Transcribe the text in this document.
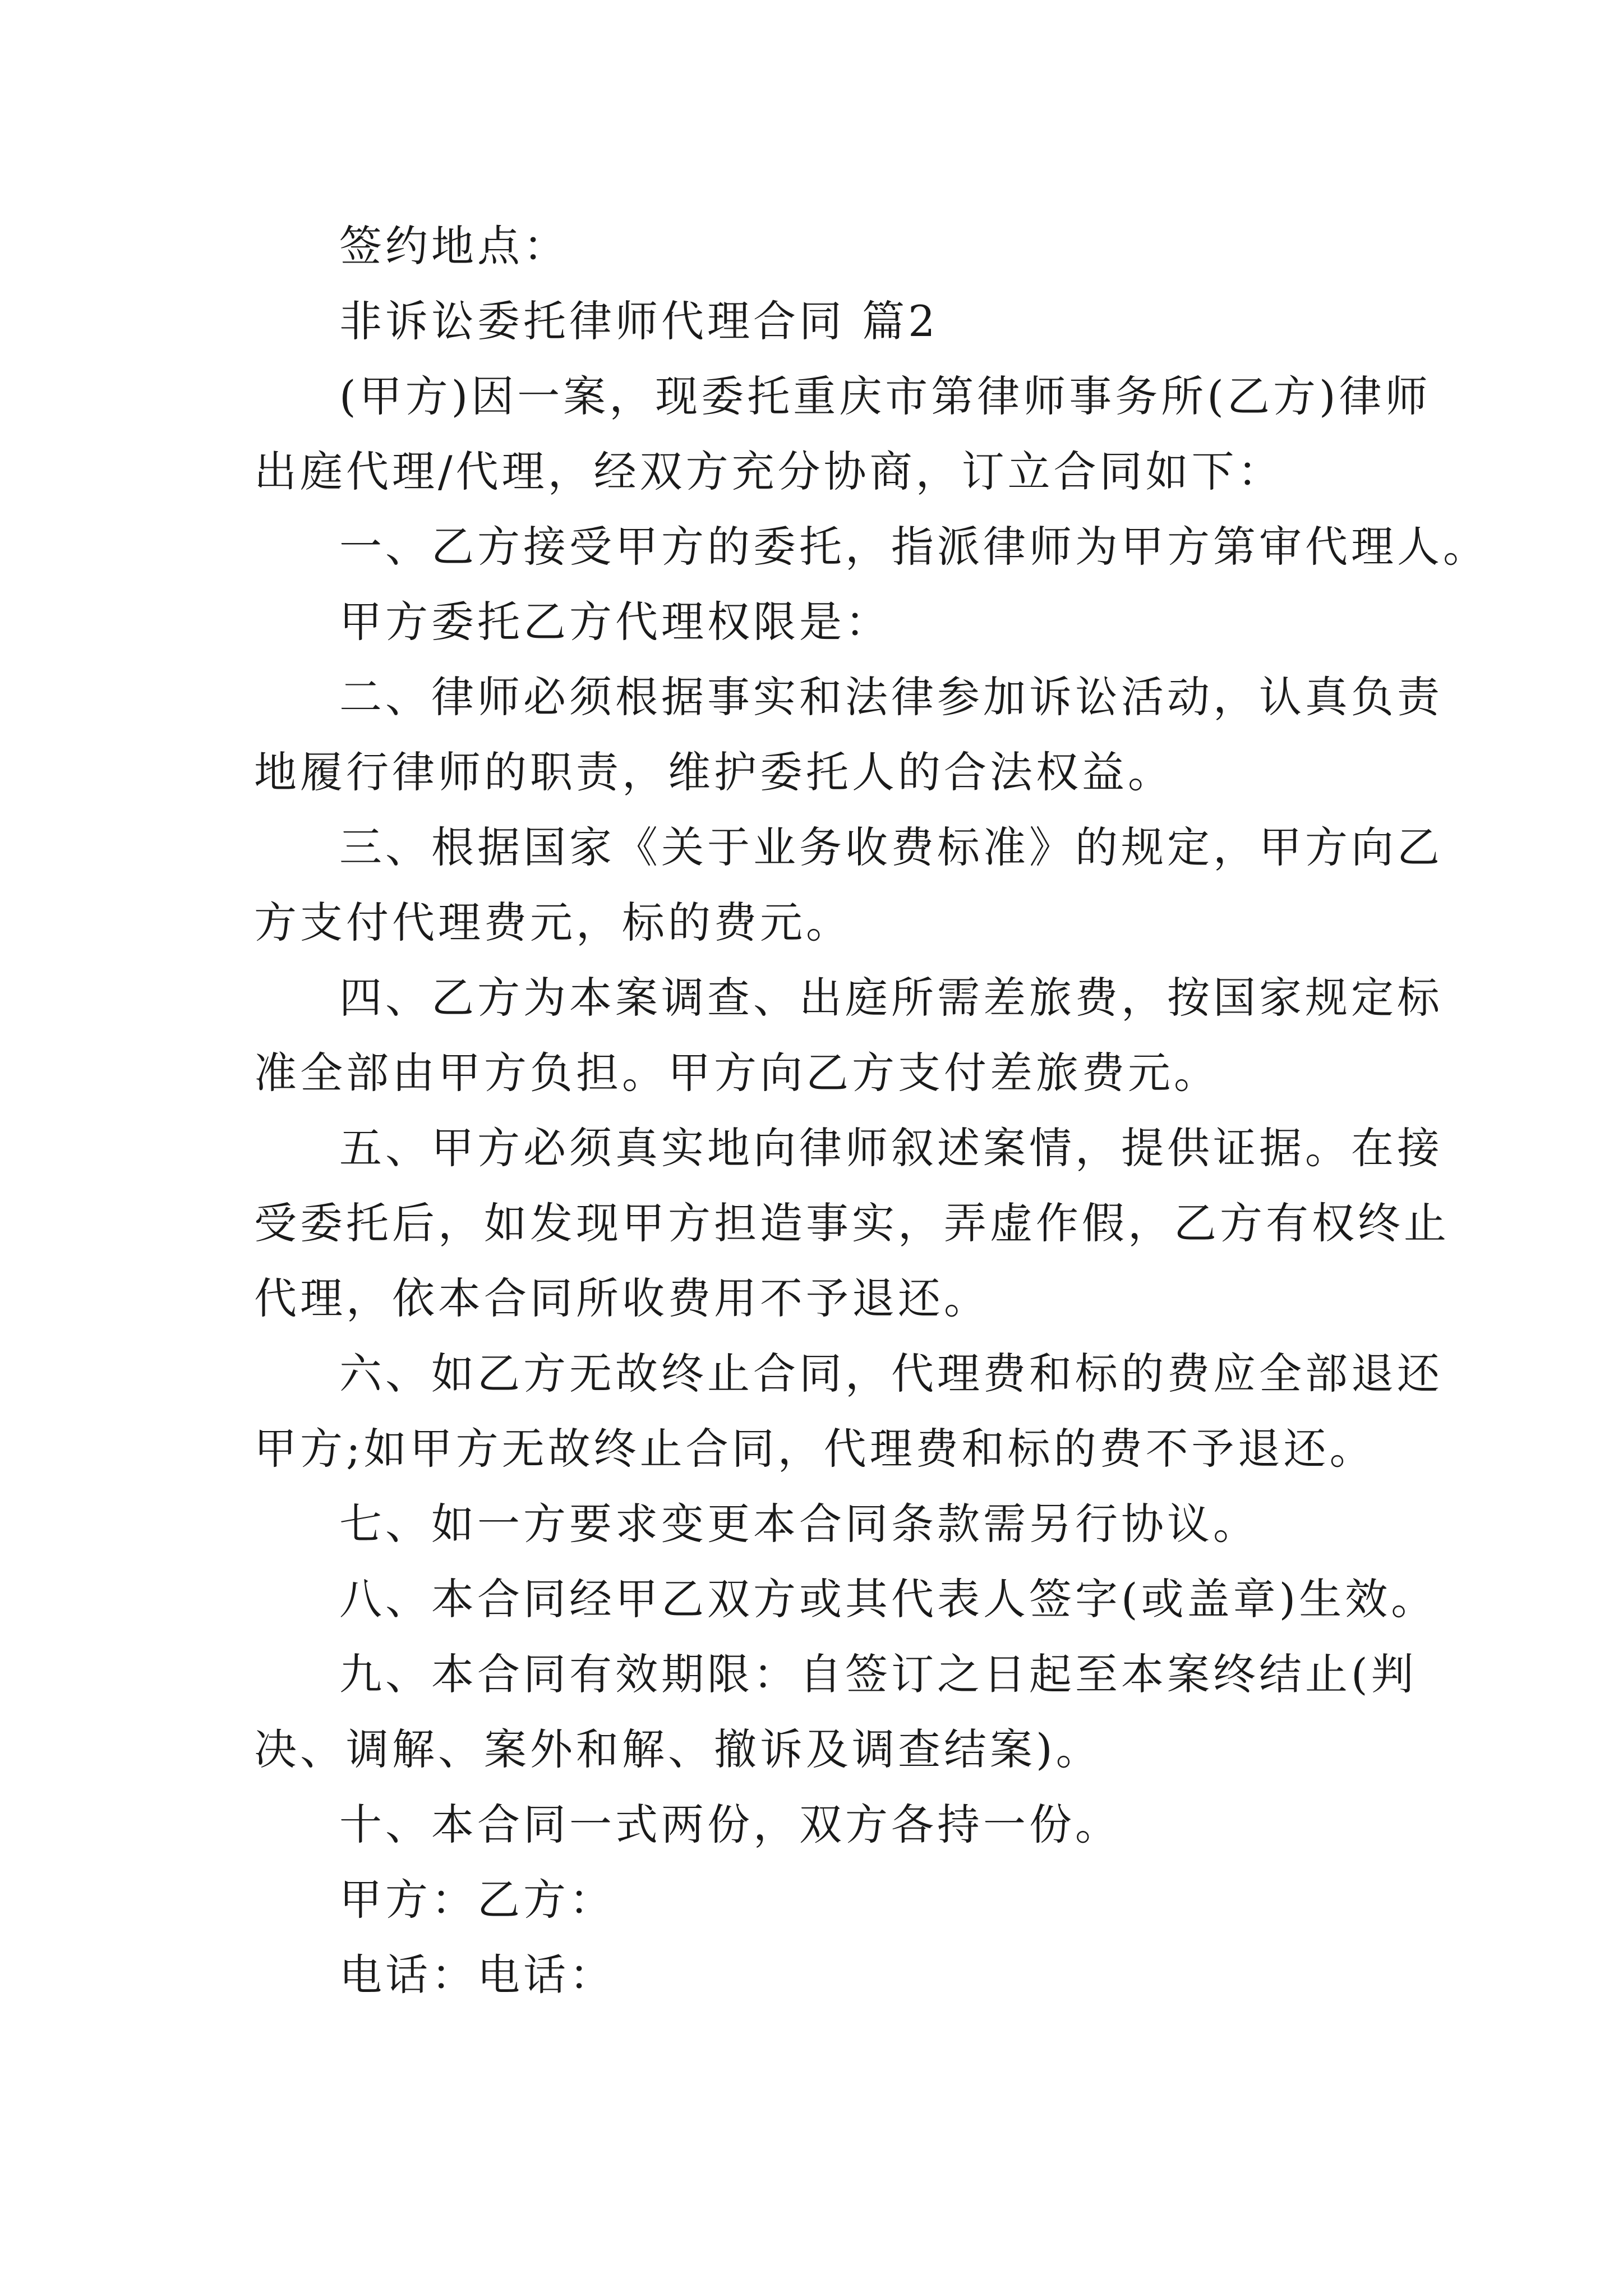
签约地点：

非诉讼委托律师代理合同 篇2

(甲方)因一案，现委托重庆市第律师事务所(乙方)律师
出庭代理/代理，经双方充分协商，订立合同如下：

一、乙方接受甲方的委托，指派律师为甲方第审代理人。

甲方委托乙方代理权限是：

二、律师必须根据事实和法律参加诉讼活动，认真负责
地履行律师的职责，维护委托人的合法权益。

三、根据国家《关于业务收费标准》的规定，甲方向乙
方支付代理费元，标的费元。

四、乙方为本案调查、出庭所需差旅费，按国家规定标
准全部由甲方负担。甲方向乙方支付差旅费元。

五、甲方必须真实地向律师叙述案情，提供证据。在接
受委托后，如发现甲方担造事实，弄虚作假，乙方有权终止
代理，依本合同所收费用不予退还。

六、如乙方无故终止合同，代理费和标的费应全部退还
甲方;如甲方无故终止合同，代理费和标的费不予退还。

七、如一方要求变更本合同条款需另行协议。

八、本合同经甲乙双方或其代表人签字(或盖章)生效。

九、本合同有效期限：自签订之日起至本案终结止(判
决、调解、案外和解、撤诉及调查结案)。

十、本合同一式两份，双方各持一份。

甲方：乙方：

电话：电话：
